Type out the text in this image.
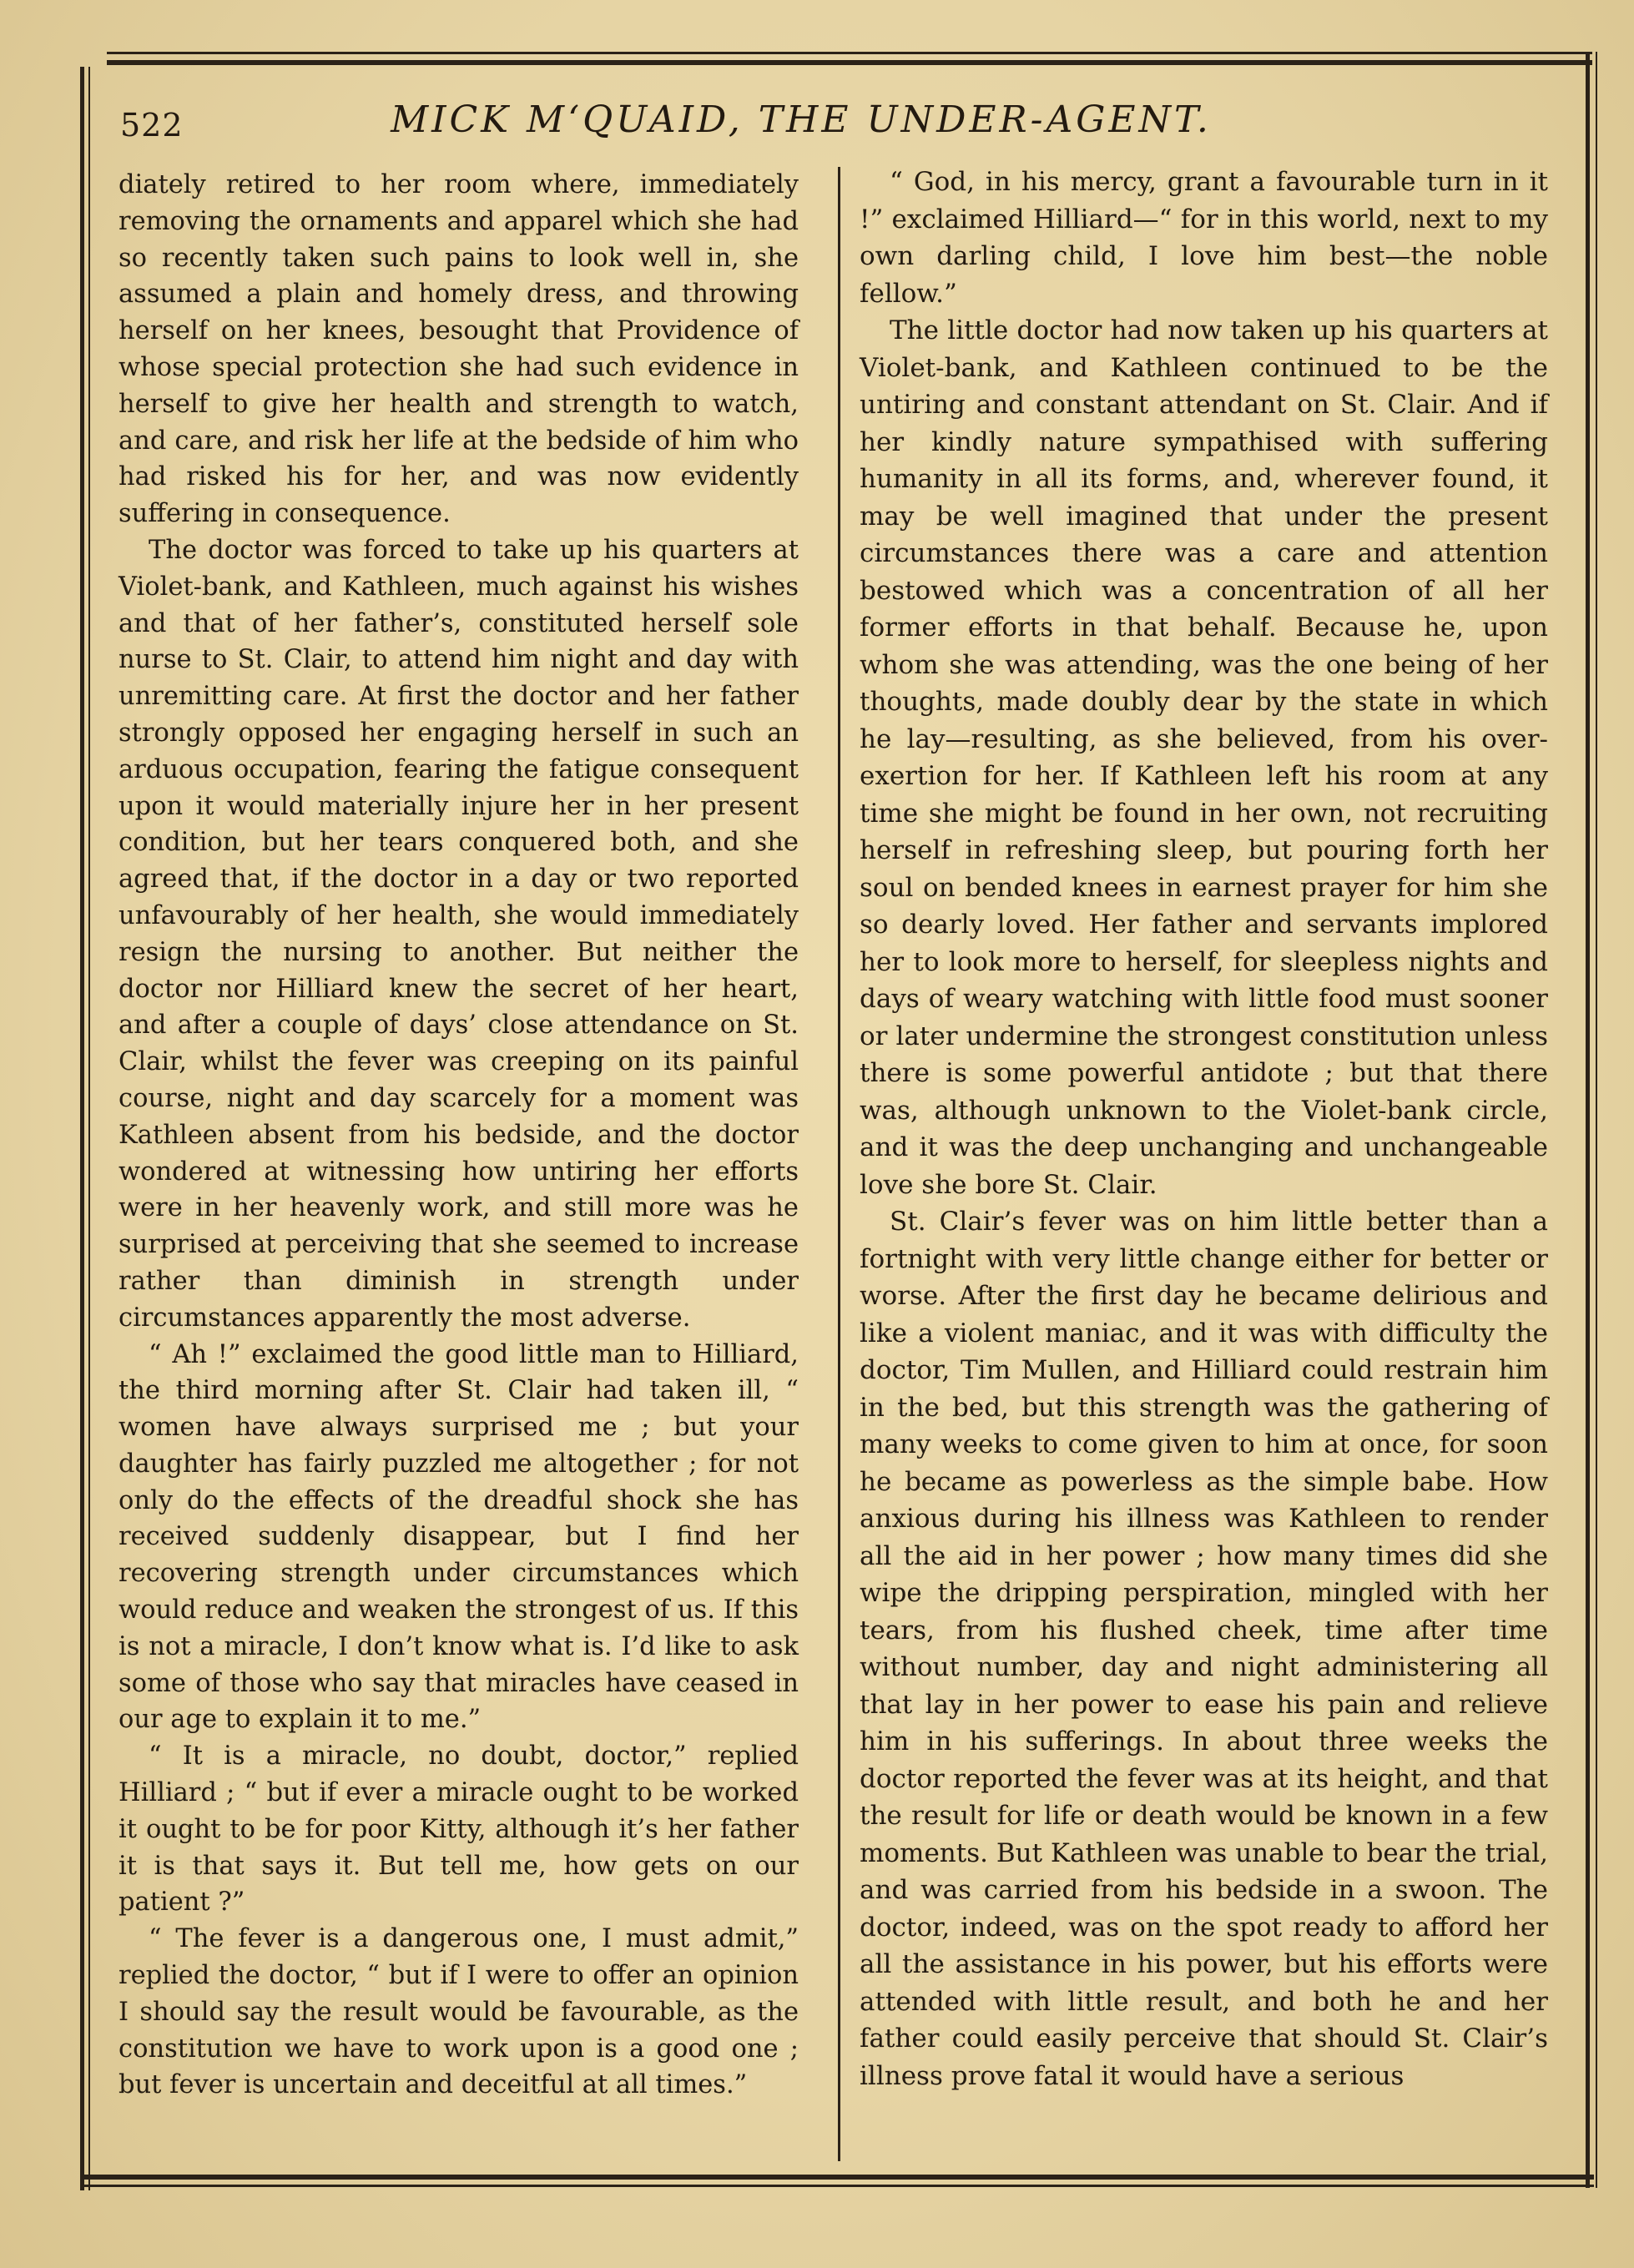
522	MICK M‘QUAID, THE UNDER-AGENT.

diately retired to her room where, immediately removing the ornaments and apparel which she had so recently taken such pains to look well in, she assumed a plain and homely dress, and throwing herself on her knees, besought that Providence of whose special protection she had such evidence in herself to give her health and strength to watch, and care, and risk her life at the bedside of him who had risked his for her, and was now evidently suffering in consequence.

The doctor was forced to take up his quarters at Violet-bank, and Kathleen, much against his wishes and that of her father’s, constituted herself sole nurse to St. Clair, to attend him night and day with unremitting care. At first the doctor and her father strongly opposed her engaging herself in such an arduous occupation, fearing the fatigue consequent upon it would materially injure her in her present condition, but her tears conquered both, and she agreed that, if the doctor in a day or two reported unfavourably of her health, she would immediately resign the nursing to another. But neither the doctor nor Hilliard knew the secret of her heart, and after a couple of days’ close attendance on St. Clair, whilst the fever was creeping on its painful course, night and day scarcely for a moment was Kathleen absent from his bedside, and the doctor wondered at witnessing how untiring her efforts were in her heavenly work, and still more was he surprised at perceiving that she seemed to increase rather than diminish in strength under circumstances apparently the most adverse.

“ Ah !” exclaimed the good little man to Hilliard, the third morning after St. Clair had taken ill, “ women have always surprised me ; but your daughter has fairly puzzled me altogether ; for not only do the effects of the dreadful shock she has received suddenly disappear, but I find her recovering strength under circumstances which would reduce and weaken the strongest of us. If this is not a miracle, I don’t know what is. I’d like to ask some of those who say that miracles have ceased in our age to explain it to me.”

“ It is a miracle, no doubt, doctor,” replied Hilliard ; “ but if ever a miracle ought to be worked it ought to be for poor Kitty, although it’s her father it is that says it. But tell me, how gets on our patient ?”

“ The fever is a dangerous one, I must admit,” replied the doctor, “ but if I were to offer an opinion I should say the result would be favourable, as the constitution we have to work upon is a good one ; but fever is uncertain and deceitful at all times.”

“ God, in his mercy, grant a favourable turn in it !” exclaimed Hilliard—“ for in this world, next to my own darling child, I love him best—the noble fellow.”

The little doctor had now taken up his quarters at Violet-bank, and Kathleen continued to be the untiring and constant attendant on St. Clair. And if her kindly nature sympathised with suffering humanity in all its forms, and, wherever found, it may be well imagined that under the present circumstances there was a care and attention bestowed which was a concentration of all her former efforts in that behalf. Because he, upon whom she was attending, was the one being of her thoughts, made doubly dear by the state in which he lay—resulting, as she believed, from his over-exertion for her. If Kathleen left his room at any time she might be found in her own, not recruiting herself in refreshing sleep, but pouring forth her soul on bended knees in earnest prayer for him she so dearly loved. Her father and servants implored her to look more to herself, for sleepless nights and days of weary watching with little food must sooner or later undermine the strongest constitution unless there is some powerful antidote ; but that there was, although unknown to the Violet-bank circle, and it was the deep unchanging and unchangeable love she bore St. Clair.

St. Clair’s fever was on him little better than a fortnight with very little change either for better or worse. After the first day he became delirious and like a violent maniac, and it was with difficulty the doctor, Tim Mullen, and Hilliard could restrain him in the bed, but this strength was the gathering of many weeks to come given to him at once, for soon he became as powerless as the simple babe. How anxious during his illness was Kathleen to render all the aid in her power ; how many times did she wipe the dripping perspiration, mingled with her tears, from his flushed cheek, time after time without number, day and night administering all that lay in her power to ease his pain and relieve him in his sufferings. In about three weeks the doctor reported the fever was at its height, and that the result for life or death would be known in a few moments. But Kathleen was unable to bear the trial, and was carried from his bedside in a swoon. The doctor, indeed, was on the spot ready to afford her all the assistance in his power, but his efforts were attended with little result, and both he and her father could easily perceive that should St. Clair’s illness prove fatal it would have a serious
